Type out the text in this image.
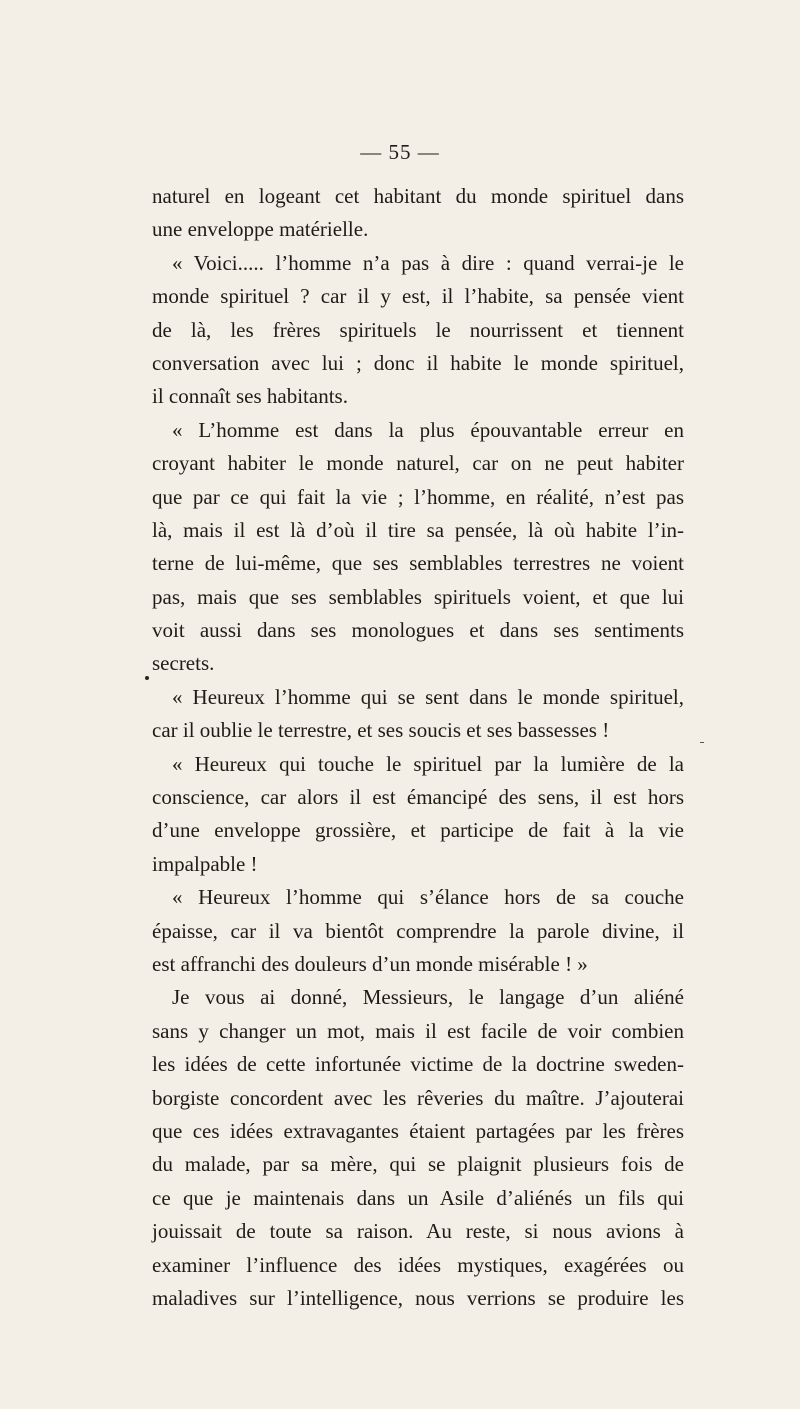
— 55 —
naturel en logeant cet habitant du monde spirituel dans
une enveloppe matérielle.
« Voici..... l’homme n’a pas à dire : quand verrai-je le
monde spirituel ? car il y est, il l’habite, sa pensée vient
de là, les frères spirituels le nourrissent et tiennent
conversation avec lui ; donc il habite le monde spirituel,
il connaît ses habitants.
« L’homme est dans la plus épouvantable erreur en
croyant habiter le monde naturel, car on ne peut habiter
que par ce qui fait la vie ; l’homme, en réalité, n’est pas
là, mais il est là d’où il tire sa pensée, là où habite l’in-
terne de lui-même, que ses semblables terrestres ne voient
pas, mais que ses semblables spirituels voient, et que lui
voit aussi dans ses monologues et dans ses sentiments
secrets.
« Heureux l’homme qui se sent dans le monde spirituel,
car il oublie le terrestre, et ses soucis et ses bassesses !
« Heureux qui touche le spirituel par la lumière de la
conscience, car alors il est émancipé des sens, il est hors
d’une enveloppe grossière, et participe de fait à la vie
impalpable !
« Heureux l’homme qui s’élance hors de sa couche
épaisse, car il va bientôt comprendre la parole divine, il
est affranchi des douleurs d’un monde misérable ! »
Je vous ai donné, Messieurs, le langage d’un aliéné
sans y changer un mot, mais il est facile de voir combien
les idées de cette infortunée victime de la doctrine sweden-
borgiste concordent avec les rêveries du maître. J’ajouterai
que ces idées extravagantes étaient partagées par les frères
du malade, par sa mère, qui se plaignit plusieurs fois de
ce que je maintenais dans un Asile d’aliénés un fils qui
jouissait de toute sa raison. Au reste, si nous avions à
examiner l’influence des idées mystiques, exagérées ou
maladives sur l’intelligence, nous verrions se produire les
